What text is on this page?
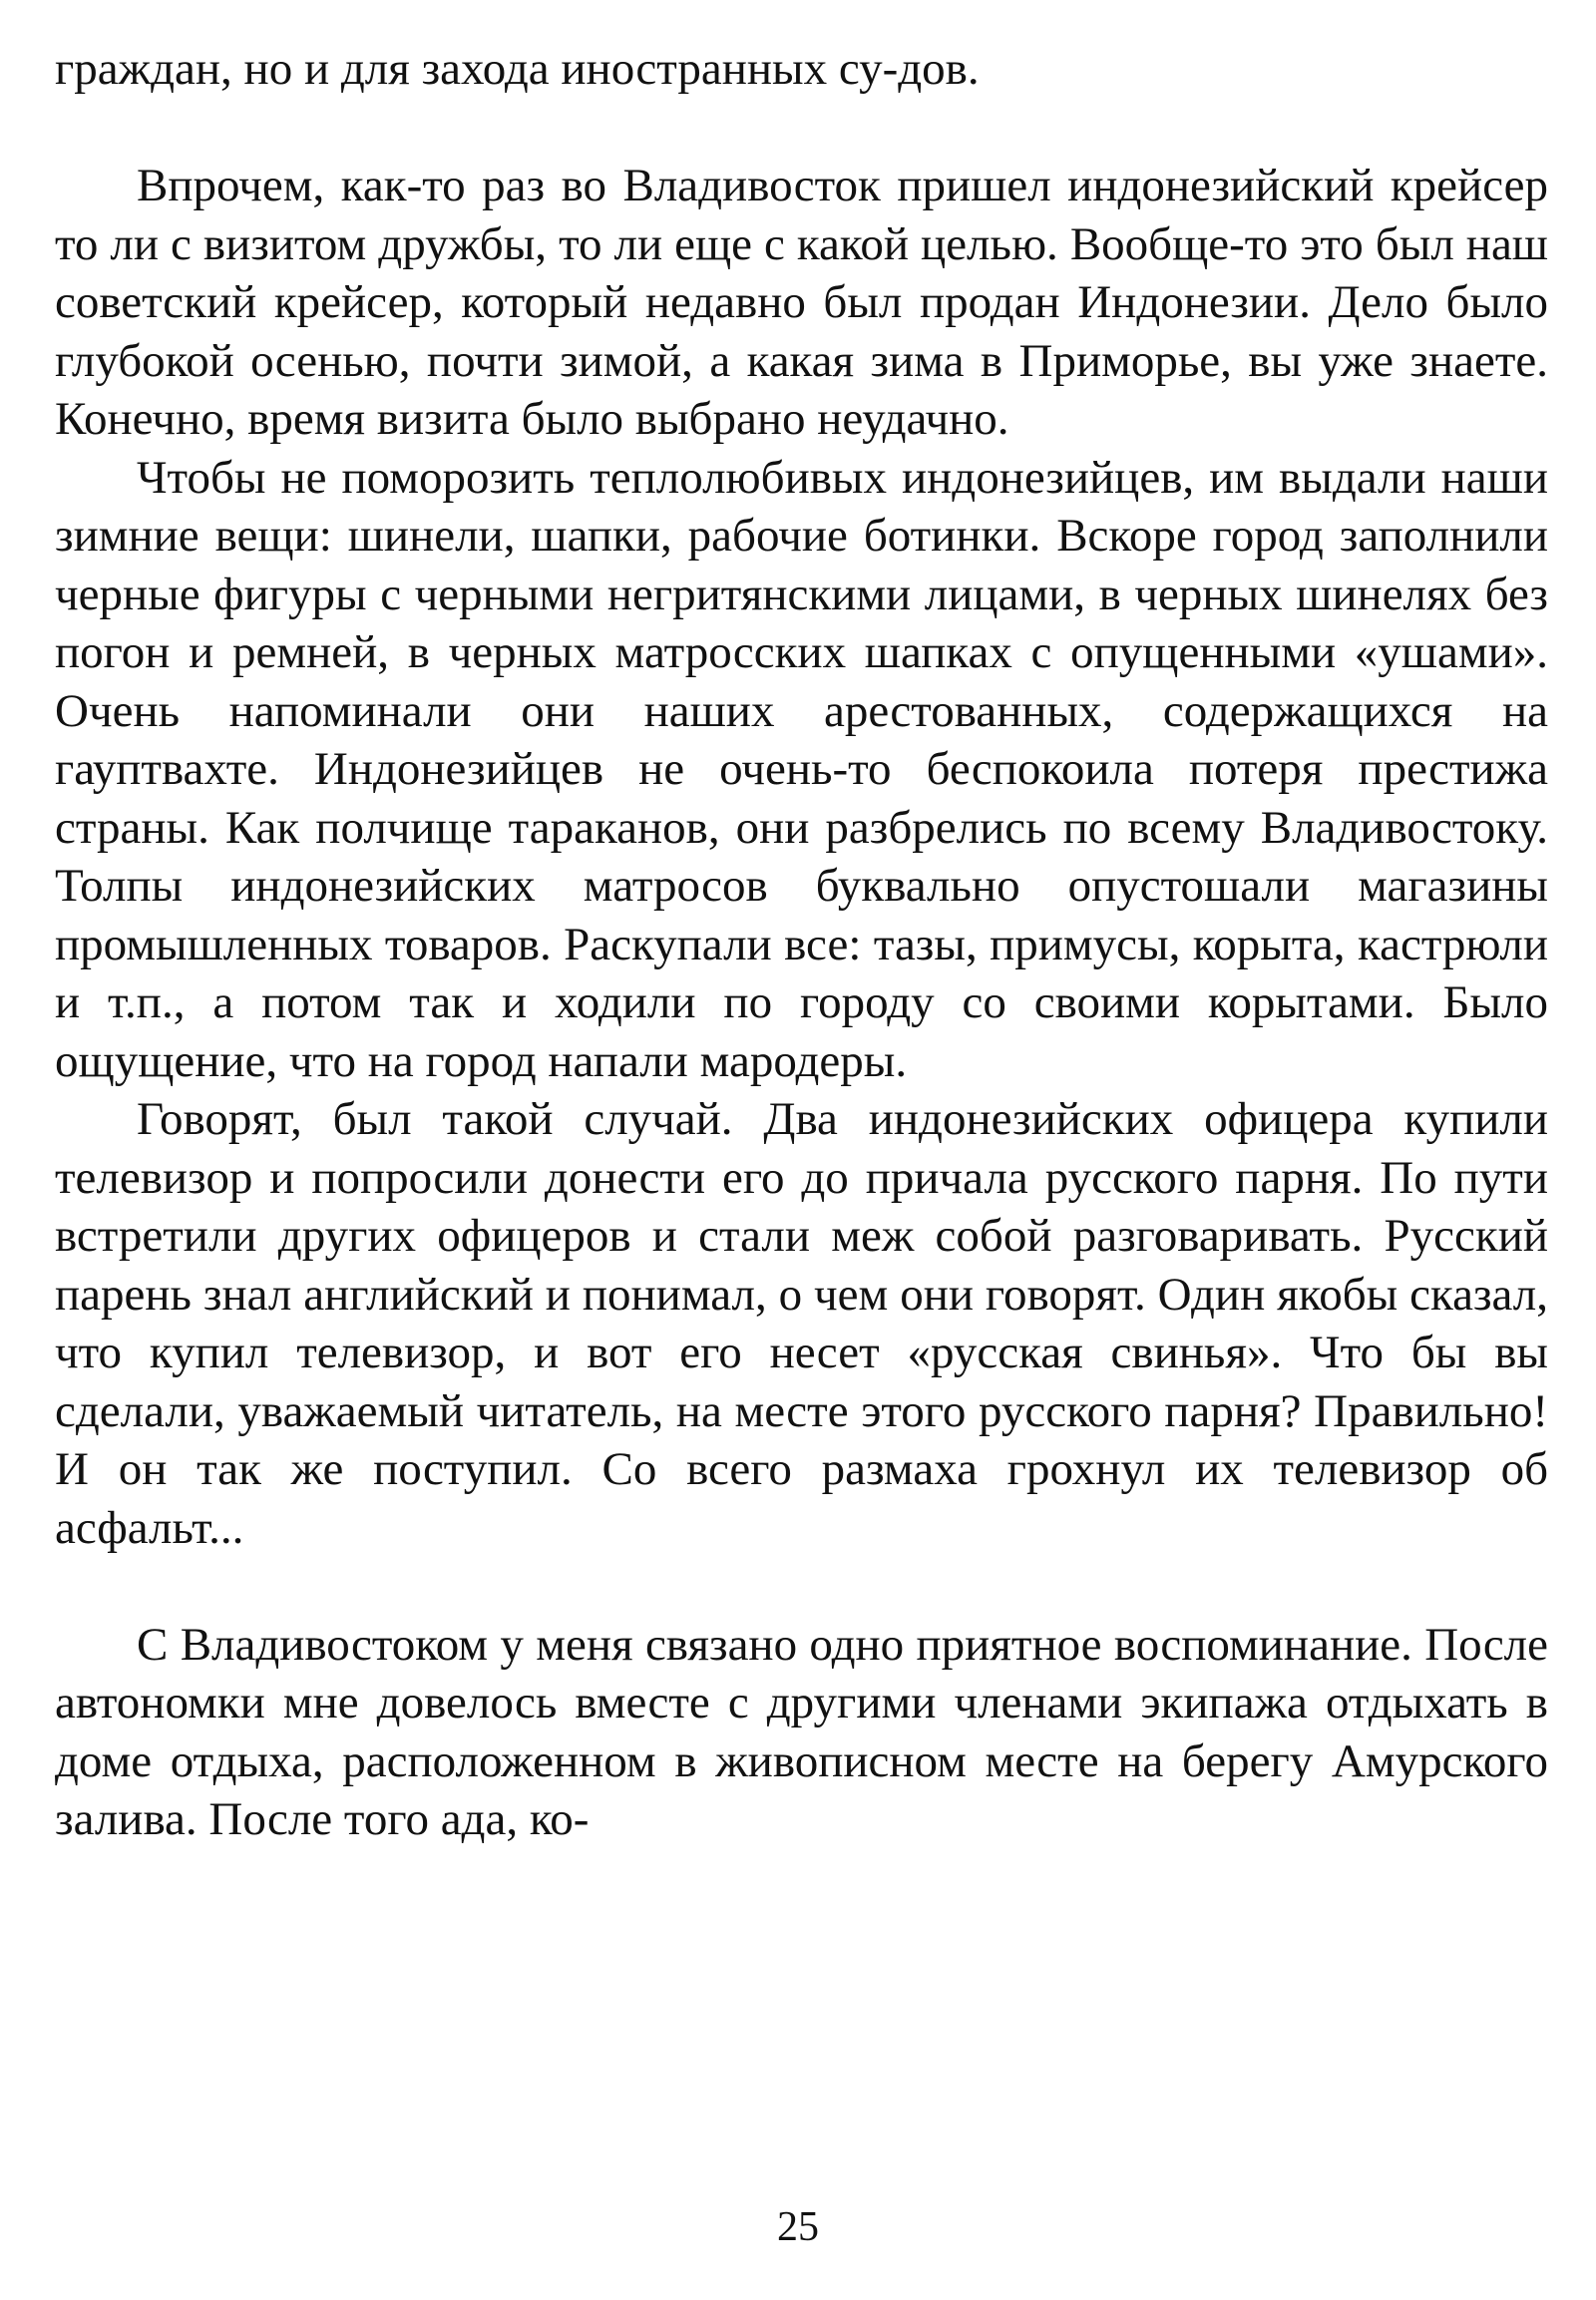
граждан, но и для захода иностранных су-дов.

Впрочем, как-то раз во Владивосток пришел индонезийский крейсер то ли с визитом дружбы, то ли еще с какой целью. Вообще-то это был наш советский крейсер, который недавно был продан Индонезии. Дело было глубокой осенью, почти зимой, а какая зима в Приморье, вы уже знаете. Конечно, время визита было выбрано неудачно.

Чтобы не поморозить теплолюбивых индонезийцев, им выдали наши зимние вещи: шинели, шапки, рабочие ботинки. Вскоре город заполнили черные фигуры с черными негритянскими лицами, в черных шинелях без погон и ремней, в черных матросских шапках с опущенными «ушами». Очень напоминали они наших арестованных, содержащихся на гауптвахте. Индонезийцев не очень-то беспокоила потеря престижа страны. Как полчище тараканов, они разбрелись по всему Владивостоку. Толпы индонезийских матросов буквально опустошали магазины промышленных товаров. Раскупали все: тазы, примусы, корыта, кастрюли и т.п., а потом так и ходили по городу со своими корытами. Было ощущение, что на город напали мародеры.

Говорят, был такой случай. Два индонезийских офицера купили телевизор и попросили донести его до причала русского парня. По пути встретили других офицеров и стали меж собой разговаривать. Русский парень знал английский и понимал, о чем они говорят. Один якобы сказал, что купил телевизор, и вот его несет «русская свинья». Что бы вы сделали, уважаемый читатель, на месте этого русского парня? Правильно! И он так же поступил. Со всего размаха грохнул их телевизор об асфальт...

С Владивостоком у меня связано одно приятное воспоминание. После автономки мне довелось вместе с другими членами экипажа отдыхать в доме отдыха, расположенном в живописном месте на берегу Амурского залива. После того ада, ко-

25
